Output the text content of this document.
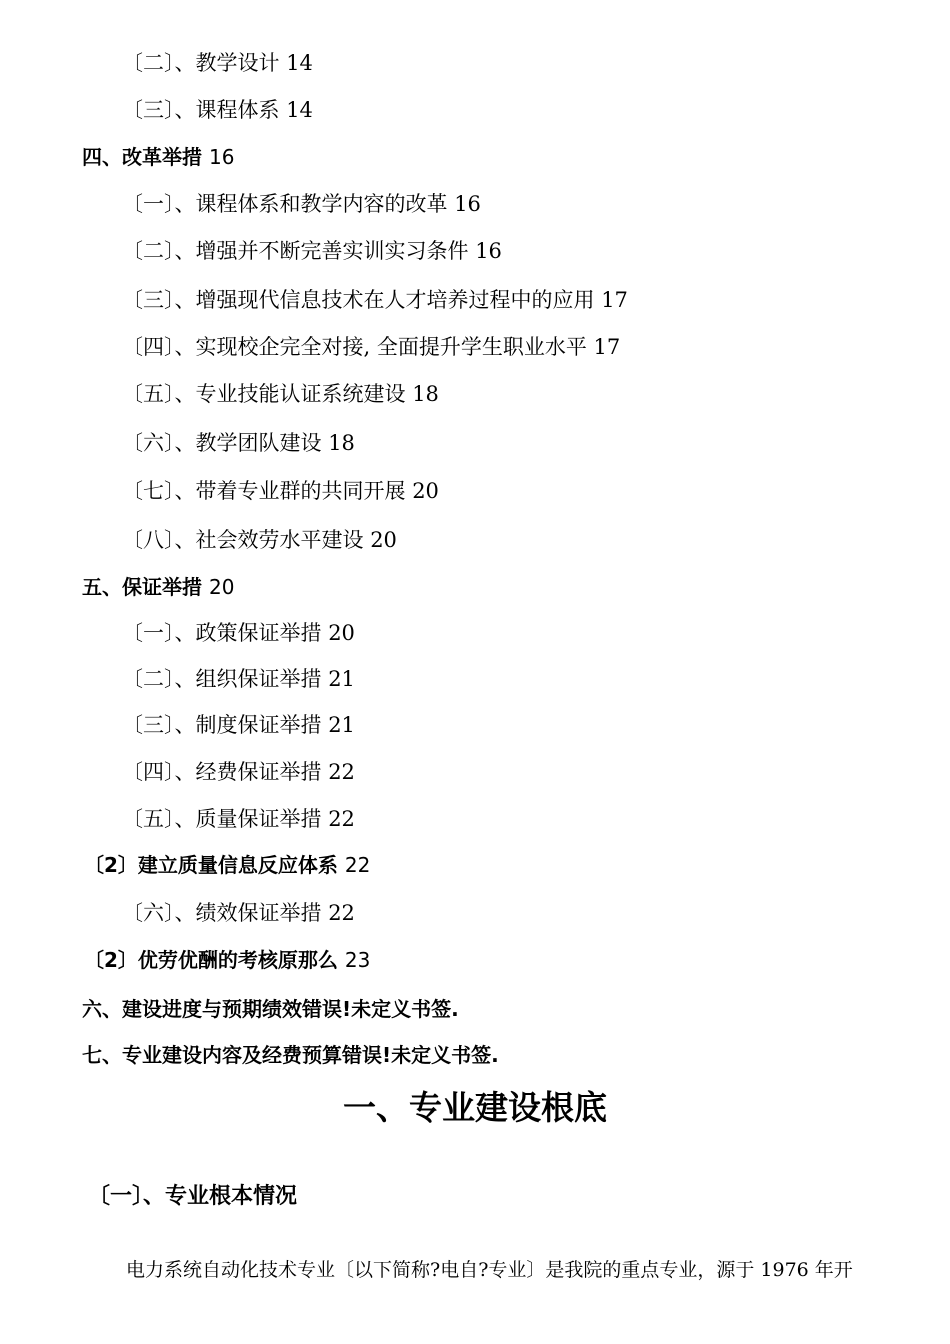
〔二〕、教学设计 14
〔三〕、课程体系 14
四、改革举措 16
〔一〕、课程体系和教学内容的改革 16
〔二〕、增强并不断完善实训实习条件 16
〔三〕、增强现代信息技术在人才培养过程中的应用 17
〔四〕、实现校企完全对接, 全面提升学生职业水平 17
〔五〕、专业技能认证系统建设 18
〔六〕、教学团队建设 18
〔七〕、带着专业群的共同开展 20
〔八〕、社会效劳水平建设 20
五、保证举措 20
〔一〕、政策保证举措 20
〔二〕、组织保证举措 21
〔三〕、制度保证举措 21
〔四〕、经费保证举措 22
〔五〕、质量保证举措 22
〔2〕建立质量信息反应体系 22
〔六〕、绩效保证举措 22
〔2〕优劳优酬的考核原那么 23
六、建设进度与预期绩效错误!未定义书签.
七、专业建设内容及经费预算错误!未定义书签.
一、专业建设根底
〔一〕、专业根本情况
电力系统自动化技术专业〔以下简称?电自?专业〕是我院的重点专业，源于 1976 年开
